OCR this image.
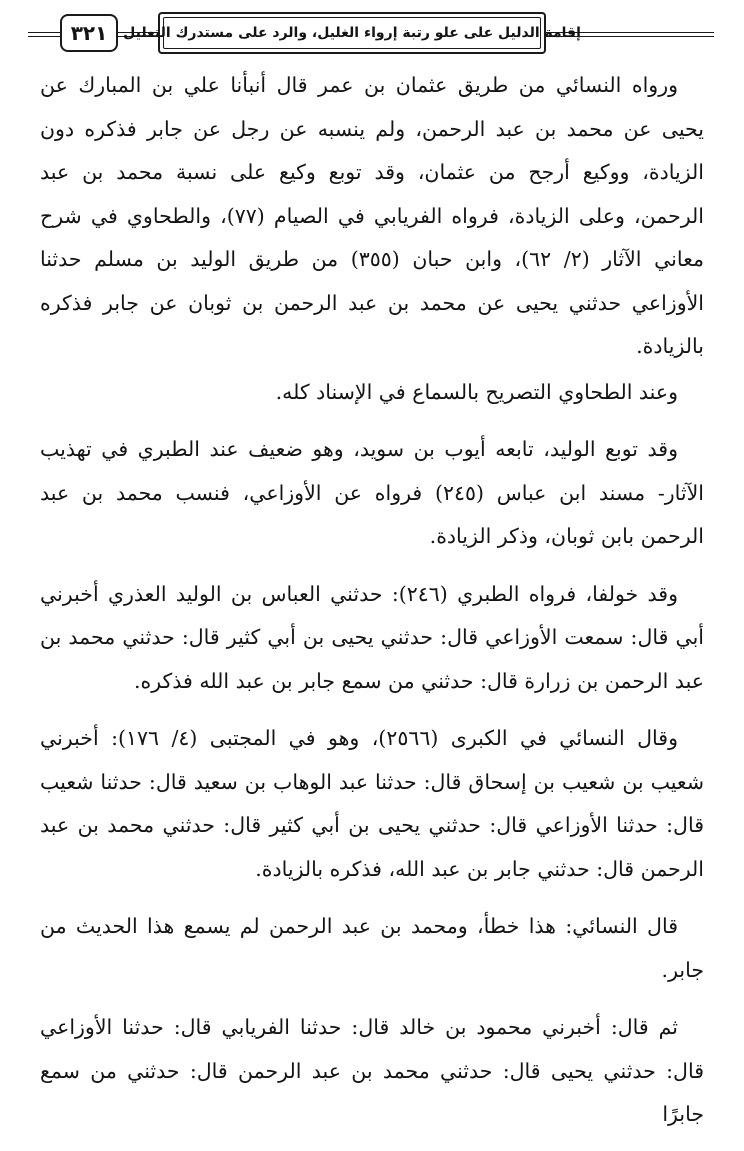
٣٢١ إقامة الدليل على علو رتبة إرواء الغليل، والرد على مستدرك التعليل

ورواه النسائي من طريق عثمان بن عمر قال أنبأنا علي بن المبارك عن يحيى عن محمد بن عبد الرحمن، ولم ينسبه عن رجل عن جابر فذكره دون الزيادة، ووكيع أرجح من عثمان، وقد توبع وكيع على نسبة محمد بن عبد الرحمن، وعلى الزيادة، فرواه الفريابي في الصيام (٧٧)، والطحاوي في شرح معاني الآثار (٢/ ٦٢)، وابن حبان (٣٥٥) من طريق الوليد بن مسلم حدثنا الأوزاعي حدثني يحيى عن محمد بن عبد الرحمن بن ثوبان عن جابر فذكره بالزيادة.

وعند الطحاوي التصريح بالسماع في الإسناد كله.

وقد توبع الوليد، تابعه أيوب بن سويد، وهو ضعيف عند الطبري في تهذيب الآثار- مسند ابن عباس (٢٤٥) فرواه عن الأوزاعي، فنسب محمد بن عبد الرحمن بابن ثوبان، وذكر الزيادة.

وقد خولفا، فرواه الطبري (٢٤٦): حدثني العباس بن الوليد العذري أخبرني أبي قال: سمعت الأوزاعي قال: حدثني يحيى بن أبي كثير قال: حدثني محمد بن عبد الرحمن بن زرارة قال: حدثني من سمع جابر بن عبد الله فذكره.

وقال النسائي في الكبرى (٢٥٦٦)، وهو في المجتبى (٤/ ١٧٦): أخبرني شعيب بن شعيب بن إسحاق قال: حدثنا عبد الوهاب بن سعيد قال: حدثنا شعيب قال: حدثنا الأوزاعي قال: حدثني يحيى بن أبي كثير قال: حدثني محمد بن عبد الرحمن قال: حدثني جابر بن عبد الله، فذكره بالزيادة.

قال النسائي: هذا خطأ، ومحمد بن عبد الرحمن لم يسمع هذا الحديث من جابر.

ثم قال: أخبرني محمود بن خالد قال: حدثنا الفريابي قال: حدثنا الأوزاعي قال: حدثني يحيى قال: حدثني محمد بن عبد الرحمن قال: حدثني من سمع جابرًا
